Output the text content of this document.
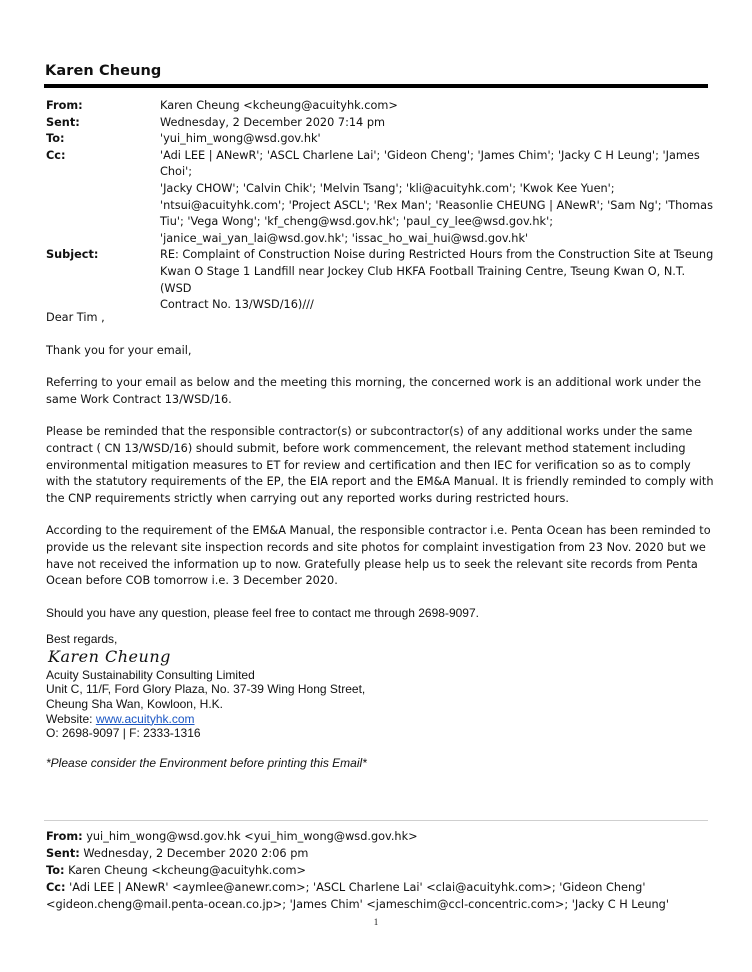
Karen Cheung
From:	Karen Cheung <kcheung@acuityhk.com>
Sent:	Wednesday, 2 December 2020 7:14 pm
To:	'yui_him_wong@wsd.gov.hk'
Cc:	'Adi LEE | ANewR'; 'ASCL Charlene Lai'; 'Gideon Cheng'; 'James Chim'; 'Jacky C H Leung'; 'James Choi';
'Jacky CHOW'; 'Calvin Chik'; 'Melvin Tsang'; 'kli@acuityhk.com'; 'Kwok Kee Yuen';
'ntsui@acuityhk.com'; 'Project ASCL'; 'Rex Man'; 'Reasonlie CHEUNG | ANewR'; 'Sam Ng'; 'Thomas
Tiu'; 'Vega Wong'; 'kf_cheng@wsd.gov.hk'; 'paul_cy_lee@wsd.gov.hk';
'janice_wai_yan_lai@wsd.gov.hk'; 'issac_ho_wai_hui@wsd.gov.hk'
Subject:	RE: Complaint of Construction Noise during Restricted Hours from the Construction Site at Tseung
Kwan O Stage 1 Landfill near Jockey Club HKFA Football Training Centre, Tseung Kwan O, N.T. (WSD
Contract No. 13/WSD/16)///

Dear Tim ,

Thank you for your email,

Referring to your email as below and the meeting this morning, the concerned work is an additional work under the same Work Contract 13/WSD/16.

Please be reminded that the responsible contractor(s) or subcontractor(s) of any additional works under the same contract ( CN 13/WSD/16) should submit, before work commencement, the relevant method statement including environmental mitigation measures to ET for review and certification and then IEC for verification so as to comply with the statutory requirements of the EP, the EIA report and the EM&A Manual. It is friendly reminded to comply with the CNP requirements strictly when carrying out any reported works during restricted hours.

According to the requirement of the EM&A Manual, the responsible contractor i.e. Penta Ocean has been reminded to provide us the relevant site inspection records and site photos for complaint investigation from 23 Nov. 2020 but we have not received the information up to now. Gratefully please help us to seek the relevant site records from Penta Ocean before COB tomorrow i.e. 3 December 2020.

Should you have any question, please feel free to contact me through 2698-9097.

Best regards,
Karen Cheung
Acuity Sustainability Consulting Limited
Unit C, 11/F, Ford Glory Plaza, No. 37-39 Wing Hong Street,
Cheung Sha Wan, Kowloon, H.K.
Website: www.acuityhk.com
O: 2698-9097 | F: 2333-1316
*Please consider the Environment before printing this Email*
From: yui_him_wong@wsd.gov.hk <yui_him_wong@wsd.gov.hk>
Sent: Wednesday, 2 December 2020 2:06 pm
To: Karen Cheung <kcheung@acuityhk.com>
Cc: 'Adi LEE | ANewR' <aymlee@anewr.com>; 'ASCL Charlene Lai' <clai@acuityhk.com>; 'Gideon Cheng'
<gideon.cheng@mail.penta-ocean.co.jp>; 'James Chim' <jameschim@ccl-concentric.com>; 'Jacky C H Leung'
1
